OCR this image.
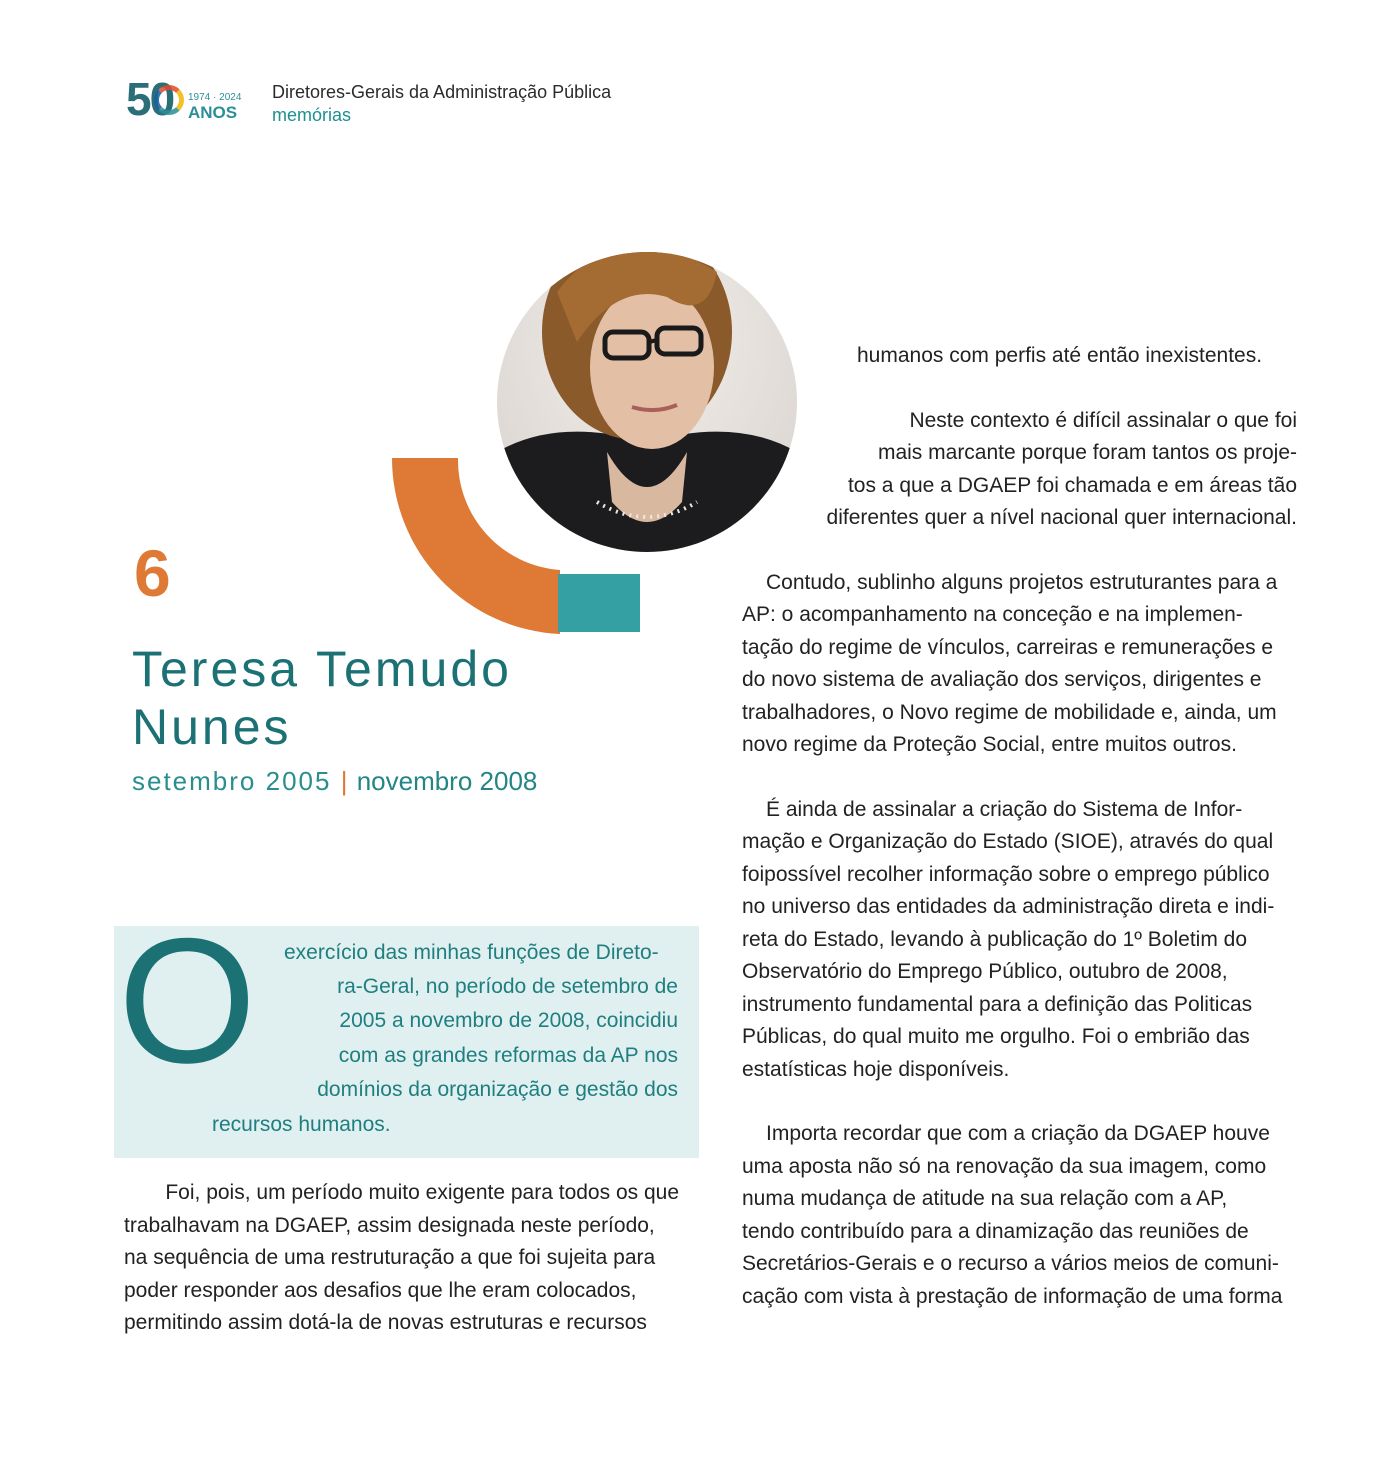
50 1974 · 2024
ANOS
Diretores-Gerais da Administração Pública
memórias
6
Teresa Temudo
Nunes
setembro 2005 | novembro 2008
O exercício das minhas funções de Direto-
ra-Geral, no período de setembro de
2005 a novembro de 2008, coincidiu
com as grandes reformas da AP nos
domínios da organização e gestão dos
recursos humanos.
Foi, pois, um período muito exigente para todos os que
trabalhavam na DGAEP, assim designada neste período,
na sequência de uma restruturação a que foi sujeita para
poder responder aos desafios que lhe eram colocados,
permitindo assim dotá-la de novas estruturas e recursos
humanos com perfis até então inexistentes.
Neste contexto é difícil assinalar o que foi
mais marcante porque foram tantos os proje-
tos a que a DGAEP foi chamada e em áreas tão
diferentes quer a nível nacional quer internacional.
Contudo, sublinho alguns projetos estruturantes para a
AP: o acompanhamento na conceção e na implemen-
tação do regime de vínculos, carreiras e remunerações e
do novo sistema de avaliação dos serviços, dirigentes e
trabalhadores, o Novo regime de mobilidade e, ainda, um
novo regime da Proteção Social, entre muitos outros.
É ainda de assinalar a criação do Sistema de Infor-
mação e Organização do Estado (SIOE), através do qual
foipossível recolher informação sobre o emprego público
no universo das entidades da administração direta e indi-
reta do Estado, levando à publicação do 1º Boletim do
Observatório do Emprego Público, outubro de 2008,
instrumento fundamental para a definição das Politicas
Públicas, do qual muito me orgulho. Foi o embrião das
estatísticas hoje disponíveis.
Importa recordar que com a criação da DGAEP houve
uma aposta não só na renovação da sua imagem, como
numa mudança de atitude na sua relação com a AP,
tendo contribuído para a dinamização das reuniões de
Secretários-Gerais e o recurso a vários meios de comuni-
cação com vista à prestação de informação de uma forma
